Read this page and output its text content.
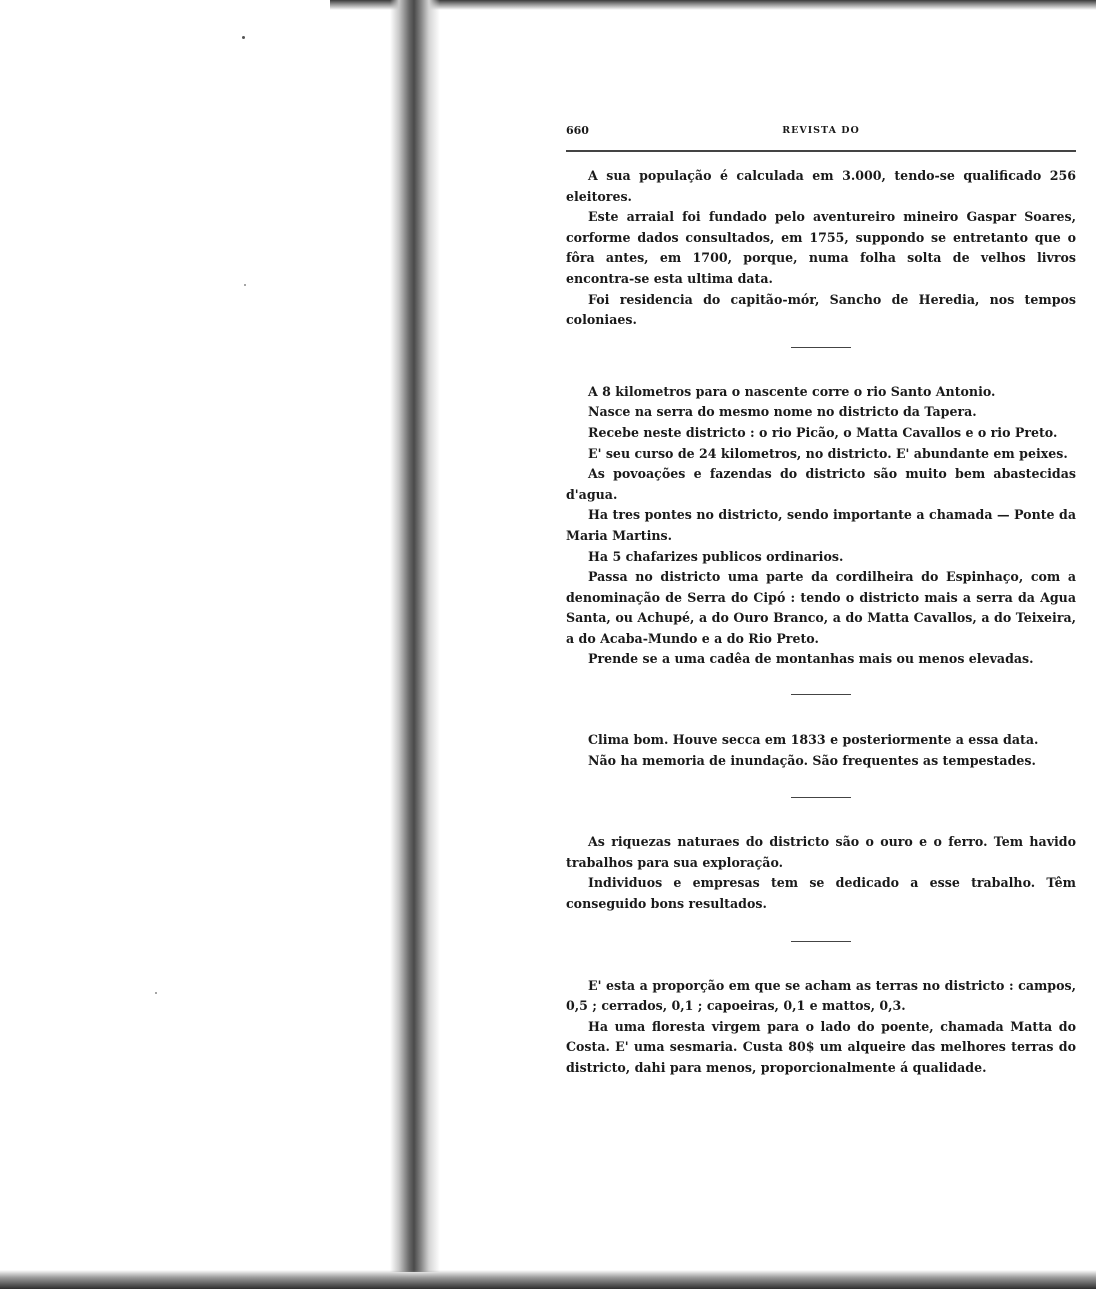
660	REVISTA DO

A sua população é calculada em 3.000, tendo-se qualificado 256 eleitores.

Este arraial foi fundado pelo aventureiro mineiro Gaspar Soares, corforme dados consultados, em 1755, suppondo se entretanto que o fôra antes, em 1700, porque, numa folha solta de velhos livros encontra-se esta ultima data.

Foi residencia do capitão-mór, Sancho de Heredia, nos tempos coloniaes.

A 8 kilometros para o nascente corre o rio Santo Antonio.

Nasce na serra do mesmo nome no districto da Tapera.

Recebe neste districto : o rio Picão, o Matta Cavallos e o rio Preto.

E' seu curso de 24 kilometros, no districto. E' abundante em peixes.

As povoações e fazendas do districto são muito bem abastecidas d'agua.

Ha tres pontes no districto, sendo importante a chamada — Ponte da Maria Martins.

Ha 5 chafarizes publicos ordinarios.

Passa no districto uma parte da cordilheira do Espinhaço, com a denominação de Serra do Cipó : tendo o districto mais a serra da Agua Santa, ou Achupé, a do Ouro Branco, a do Matta Cavallos, a do Teixeira, a do Acaba-Mundo e a do Rio Preto.

Prende se a uma cadêa de montanhas mais ou menos elevadas.

Clima bom. Houve secca em 1833 e posteriormente a essa data.

Não ha memoria de inundação. São frequentes as tempestades.

As riquezas naturaes do districto são o ouro e o ferro. Tem havido trabalhos para sua exploração.

Individuos e empresas tem se dedicado a esse trabalho. Têm conseguido bons resultados.

E' esta a proporção em que se acham as terras no districto : campos, 0,5 ; cerrados, 0,1 ; capoeiras, 0,1 e mattos, 0,3.

Ha uma floresta virgem para o lado do poente, chamada Matta do Costa. E' uma sesmaria. Custa 80$ um alqueire das melhores terras do districto, dahi para menos, proporcionalmente á qualidade.
